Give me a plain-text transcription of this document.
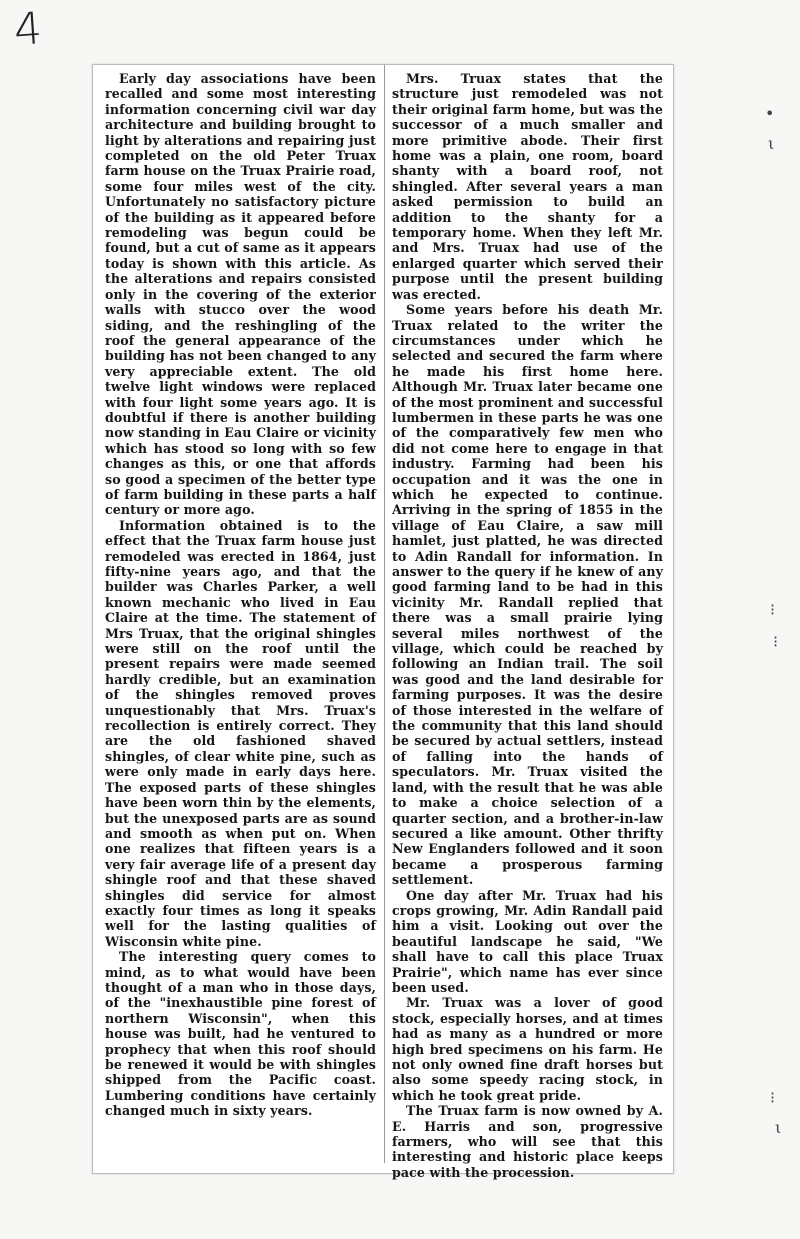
4
•
ι
⁝
⁝
⁝
ι

Early day associations have been recalled and some most interesting information concerning civil war day architecture and building brought to light by alterations and repairing just completed on the old Peter Truax farm house on the Truax Prairie road, some four miles west of the city. Unfortunately no satisfactory picture of the building as it appeared before remodeling was begun could be found, but a cut of same as it appears today is shown with this article. As the alterations and repairs consisted only in the covering of the exterior walls with stucco over the wood siding, and the reshingling of the roof the general appearance of the building has not been changed to any very appreciable extent. The old twelve light windows were replaced with four light some years ago. It is doubtful if there is another building now standing in Eau Claire or vicinity which has stood so long with so few changes as this, or one that affords so good a specimen of the better type of farm building in these parts a half century or more ago.

Information obtained is to the effect that the Truax farm house just remodeled was erected in 1864, just fifty-nine years ago, and that the builder was Charles Parker, a well known mechanic who lived in Eau Claire at the time. The statement of Mrs Truax, that the original shingles were still on the roof until the present repairs were made seemed hardly credible, but an examination of the shingles removed proves unquestionably that Mrs. Truax's recollection is entirely correct. They are the old fashioned shaved shingles, of clear white pine, such as were only made in early days here. The exposed parts of these shingles have been worn thin by the elements, but the unexposed parts are as sound and smooth as when put on. When one realizes that fifteen years is a very fair average life of a present day shingle roof and that these shaved shingles did service for almost exactly four times as long it speaks well for the lasting qualities of Wisconsin white pine.

The interesting query comes to mind, as to what would have been thought of a man who in those days, of the "inexhaustible pine forest of northern Wisconsin", when this house was built, had he ventured to prophecy that when this roof should be renewed it would be with shingles shipped from the Pacific coast. Lumbering conditions have certainly changed much in sixty years.

Mrs. Truax states that the structure just remodeled was not their original farm home, but was the successor of a much smaller and more primitive abode. Their first home was a plain, one room, board shanty with a board roof, not shingled. After several years a man asked permission to build an addition to the shanty for a temporary home. When they left Mr. and Mrs. Truax had use of the enlarged quarter which served their purpose until the present building was erected.

Some years before his death Mr. Truax related to the writer the circumstances under which he selected and secured the farm where he made his first home here. Although Mr. Truax later became one of the most prominent and successful lumbermen in these parts he was one of the comparatively few men who did not come here to engage in that industry. Farming had been his occupation and it was the one in which he expected to continue. Arriving in the spring of 1855 in the village of Eau Claire, a saw mill hamlet, just platted, he was directed to Adin Randall for information. In answer to the query if he knew of any good farming land to be had in this vicinity Mr. Randall replied that there was a small prairie lying several miles northwest of the village, which could be reached by following an Indian trail. The soil was good and the land desirable for farming purposes. It was the desire of those interested in the welfare of the community that this land should be secured by actual settlers, instead of falling into the hands of speculators. Mr. Truax visited the land, with the result that he was able to make a choice selection of a quarter section, and a brother-in-law secured a like amount. Other thrifty New Englanders followed and it soon became a prosperous farming settlement.

One day after Mr. Truax had his crops growing, Mr. Adin Randall paid him a visit. Looking out over the beautiful landscape he said, "We shall have to call this place Truax Prairie", which name has ever since been used.

Mr. Truax was a lover of good stock, especially horses, and at times had as many as a hundred or more high bred specimens on his farm. He not only owned fine draft horses but also some speedy racing stock, in which he took great pride.

The Truax farm is now owned by A. E. Harris and son, progressive farmers, who will see that this interesting and historic place keeps pace with the procession.
